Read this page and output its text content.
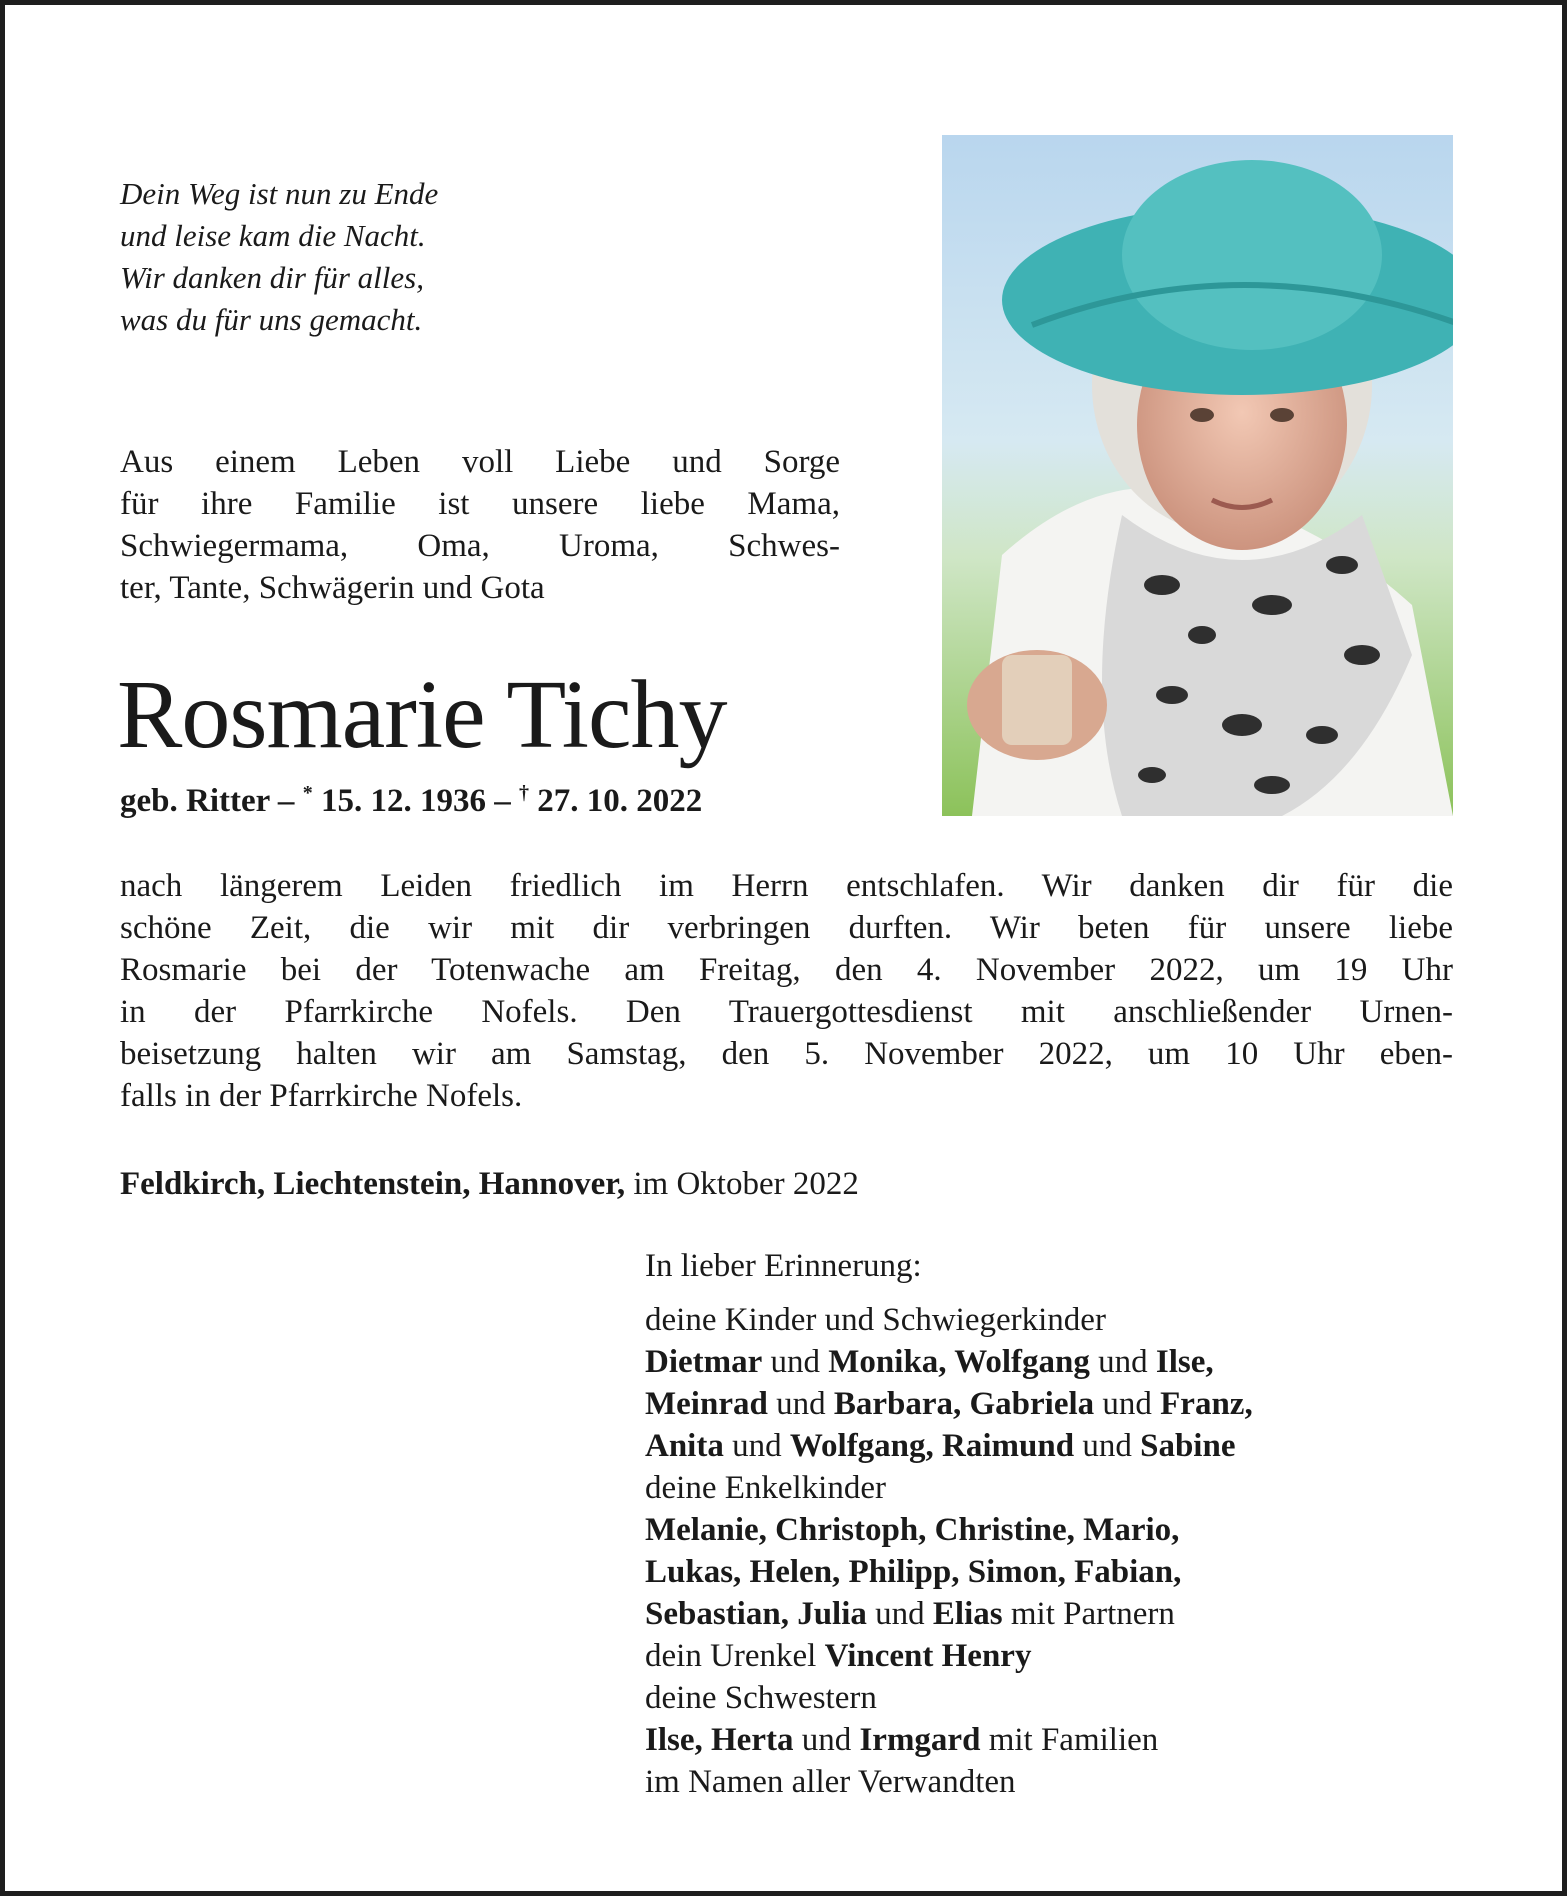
Dein Weg ist nun zu Ende
und leise kam die Nacht.
Wir danken dir für alles,
was du für uns gemacht.
Aus einem Leben voll Liebe und Sorge
für ihre Familie ist unsere liebe Mama,
Schwiegermama, Oma, Uroma, Schwes-
ter, Tante, Schwägerin und Gota
Rosmarie Tichy
geb. Ritter – * 15. 12. 1936 – † 27. 10. 2022
nach längerem Leiden friedlich im Herrn entschlafen. Wir danken dir für die
schöne Zeit, die wir mit dir verbringen durften. Wir beten für unsere liebe
Rosmarie bei der Totenwache am Freitag, den 4. November 2022, um 19 Uhr
in der Pfarrkirche Nofels. Den Trauergottesdienst mit anschließender Urnen-
beisetzung halten wir am Samstag, den 5. November 2022, um 10 Uhr eben-
falls in der Pfarrkirche Nofels.
Feldkirch, Liechtenstein, Hannover, im Oktober 2022
In lieber Erinnerung:
deine Kinder und Schwiegerkinder
Dietmar und Monika, Wolfgang und Ilse,
Meinrad und Barbara, Gabriela und Franz,
Anita und Wolfgang, Raimund und Sabine
deine Enkelkinder
Melanie, Christoph, Christine, Mario,
Lukas, Helen, Philipp, Simon, Fabian,
Sebastian, Julia und Elias mit Partnern
dein Urenkel Vincent Henry
deine Schwestern
Ilse, Herta und Irmgard mit Familien
im Namen aller Verwandten
